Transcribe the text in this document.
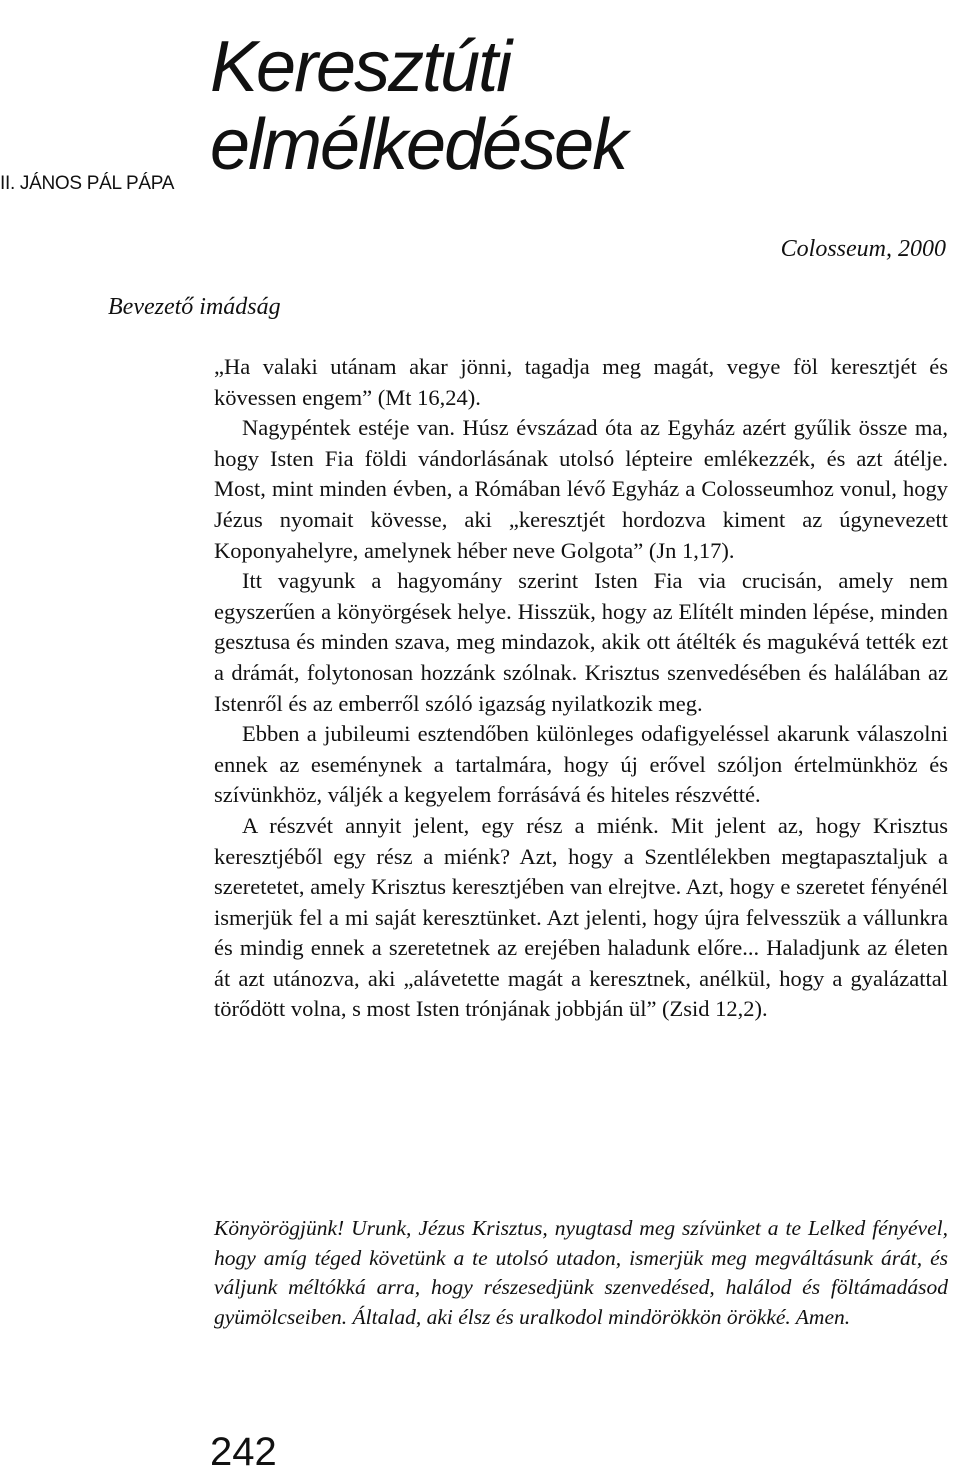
II. JÁNOS PÁL PÁPA
Keresztúti
elmélkedések
Colosseum, 2000
Bevezető imádság

„Ha valaki utánam akar jönni, tagadja meg magát, vegye föl keresztjét és kövessen engem” (Mt 16,24).

Nagypéntek estéje van. Húsz évszázad óta az Egyház azért gyűlik össze ma, hogy Isten Fia földi vándorlásának utolsó lépteire emlékezzék, és azt átélje. Most, mint minden évben, a Rómában lévő Egyház a Colosseumhoz vonul, hogy Jézus nyomait kövesse, aki „keresztjét hordozva kiment az úgynevezett Koponyahelyre, amelynek héber neve Golgota” (Jn 1,17).

Itt vagyunk a hagyomány szerint Isten Fia via crucisán, amely nem egyszerűen a könyörgések helye. Hisszük, hogy az Elítélt minden lépése, minden gesztusa és minden szava, meg mindazok, akik ott átélték és magukévá tették ezt a drámát, folytonosan hozzánk szólnak. Krisztus szenvedésében és halálában az Istenről és az emberről szóló igazság nyilatkozik meg.

Ebben a jubileumi esztendőben különleges odafigyeléssel akarunk válaszolni ennek az eseménynek a tartalmára, hogy új erővel szóljon értelmünkhöz és szívünkhöz, váljék a kegyelem forrásává és hiteles részvétté.

A részvét annyit jelent, egy rész a miénk. Mit jelent az, hogy Krisztus keresztjéből egy rész a miénk? Azt, hogy a Szentlélekben megtapasztaljuk a szeretetet, amely Krisztus keresztjében van elrejtve. Azt, hogy e szeretet fényénél ismerjük fel a mi saját keresztünket. Azt jelenti, hogy újra felvesszük a vállunkra és mindig ennek a szeretetnek az erejében haladunk előre... Haladjunk az életen át azt utánozva, aki „alávetette magát a keresztnek, anélkül, hogy a gyalázattal törődött volna, s most Isten trónjának jobbján ül” (Zsid 12,2).

Könyörögjünk! Urunk, Jézus Krisztus, nyugtasd meg szívünket a te Lelked fényével, hogy amíg téged követünk a te utolsó utadon, ismerjük meg megváltásunk árát, és váljunk méltókká arra, hogy részesedjünk szenvedésed, halálod és föltámadásod gyümölcseiben. Általad, aki élsz és uralkodol mindörökkön örökké. Amen.

242
